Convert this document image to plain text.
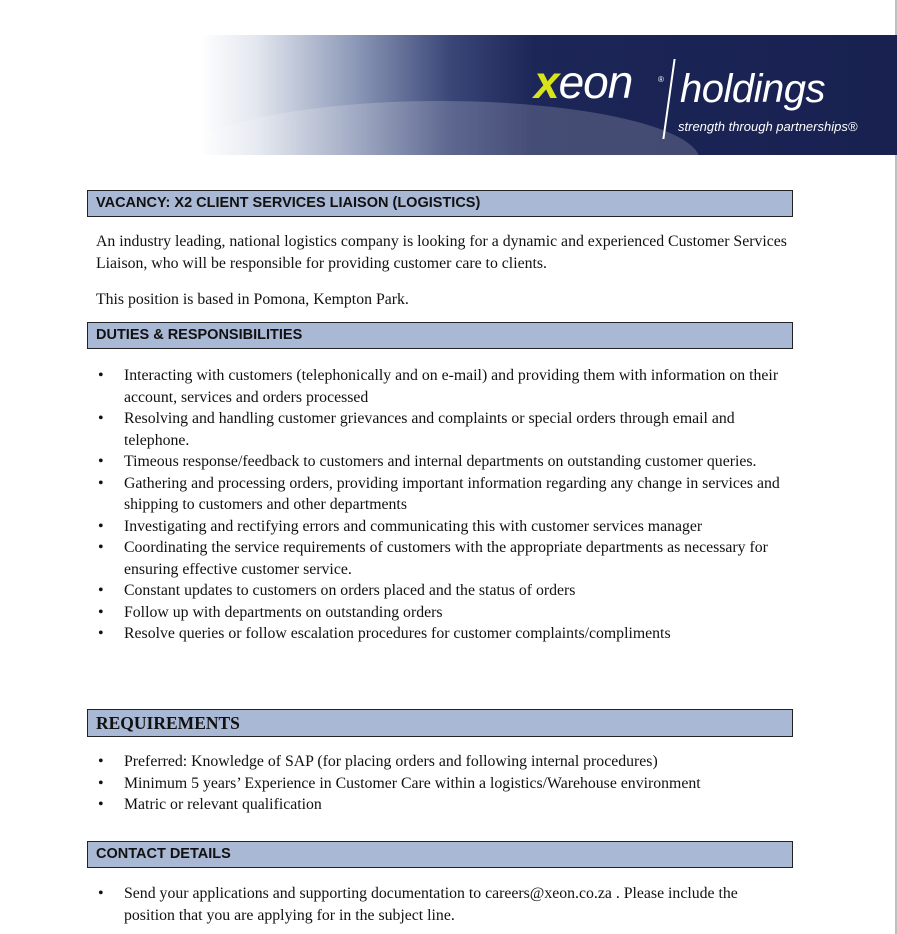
xeon	® holdings
strength through partnerships®
VACANCY: X2 CLIENT SERVICES LIAISON (LOGISTICS)

An industry leading, national logistics company is looking for a dynamic and experienced Customer Services Liaison, who will be responsible for providing customer care to clients.

This position is based in Pomona, Kempton Park.

DUTIES & RESPONSIBILITIES
• Interacting with customers (telephonically and on e-mail) and providing them with information on their account, services and orders processed
• Resolving and handling customer grievances and complaints or special orders through email and telephone.
• Timeous response/feedback to customers and internal departments on outstanding customer queries.
• Gathering and processing orders, providing important information regarding any change in services and shipping to customers and other departments
• Investigating and rectifying errors and communicating this with customer services manager
• Coordinating the service requirements of customers with the appropriate departments as necessary for ensuring effective customer service.
• Constant updates to customers on orders placed and the status of orders
• Follow up with departments on outstanding orders
• Resolve queries or follow escalation procedures for customer complaints/compliments
REQUIREMENTS
• Preferred: Knowledge of SAP (for placing orders and following internal procedures)
• Minimum 5 years’ Experience in Customer Care within a logistics/Warehouse environment
• Matric or relevant qualification
CONTACT DETAILS
• Send your applications and supporting documentation to careers@xeon.co.za . Please include the position that you are applying for in the subject line.
